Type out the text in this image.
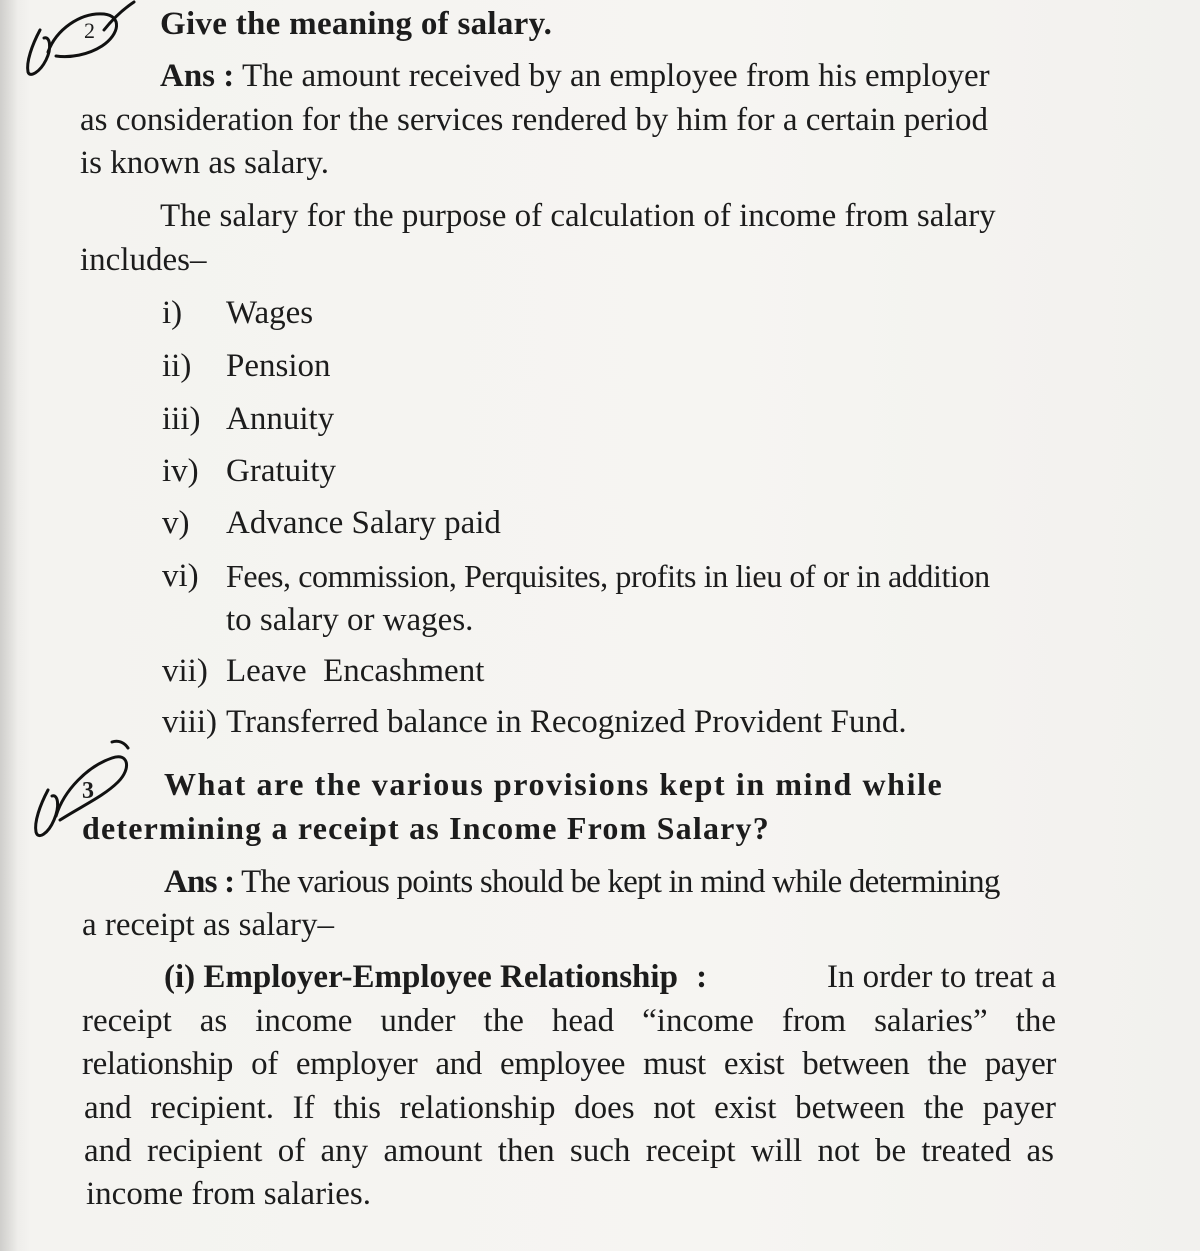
2
3
Give the meaning of salary.
Ans : The amount received by an employee from his employer
as consideration for the services rendered by him for a certain period
is known as salary.
The salary for the purpose of calculation of income from salary
includes–
i) Wages
ii) Pension
iii) Annuity
iv) Gratuity
v) Advance Salary paid
vi) Fees, commission, Perquisites, profits in lieu of or in addition
to salary or wages.
vii) Leave  Encashment
viii) Transferred balance in Recognized Provident Fund.
What are the various provisions kept in mind while
determining a receipt as Income From Salary?
Ans : The various points should be kept in mind while determining
a receipt as salary–
(i) Employer-Employee Relationship :	In order to treat a
receipt as income under the head “income from salaries” the
relationship of employer and employee must exist between the payer
and recipient. If this relationship does not exist between the payer
and recipient of any amount then such receipt will not be treated as
income from salaries.
